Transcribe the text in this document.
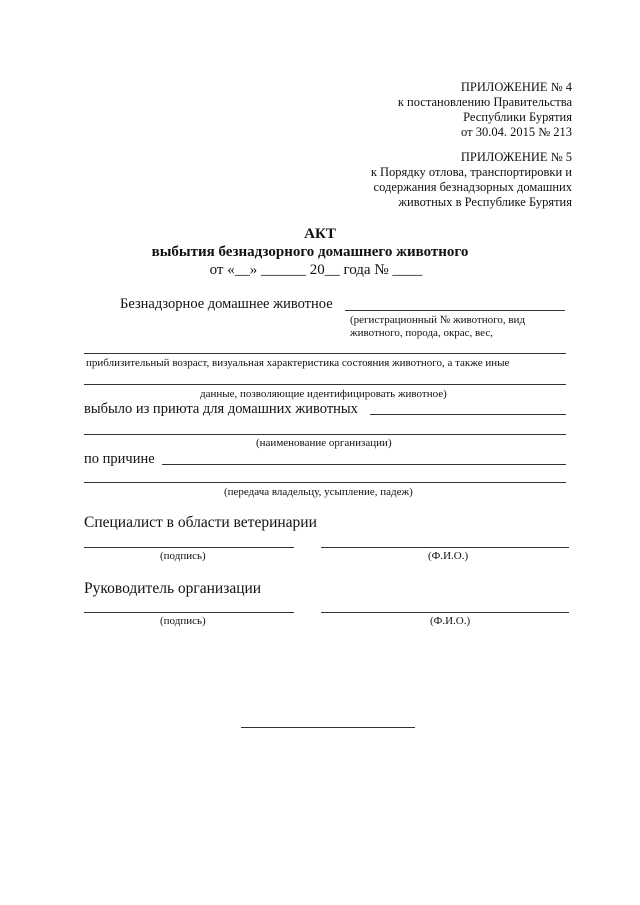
ПРИЛОЖЕНИЕ № 4
к постановлению Правительства
Республики Бурятия
от 30.04. 2015 № 213
ПРИЛОЖЕНИЕ № 5
к Порядку отлова, транспортировки и
содержания безнадзорных домашних
животных в Республике Бурятия
АКТ
выбытия безнадзорного домашнего животного
от «__» ______ 20__ года № ____
Безнадзорное домашнее животное
(регистрационный № животного, вид
животного, порода, окрас, вес,
приблизительный возраст, визуальная характеристика состояния животного, а также иные
данные, позволяющие идентифицировать животное)
выбыло из приюта для домашних животных
(наименование организации)
по причине
(передача владельцу, усыпление, падеж)
Специалист в области ветеринарии
(подпись)	(Ф.И.О.)
Руководитель организации
(подпись)	(Ф.И.О.)
